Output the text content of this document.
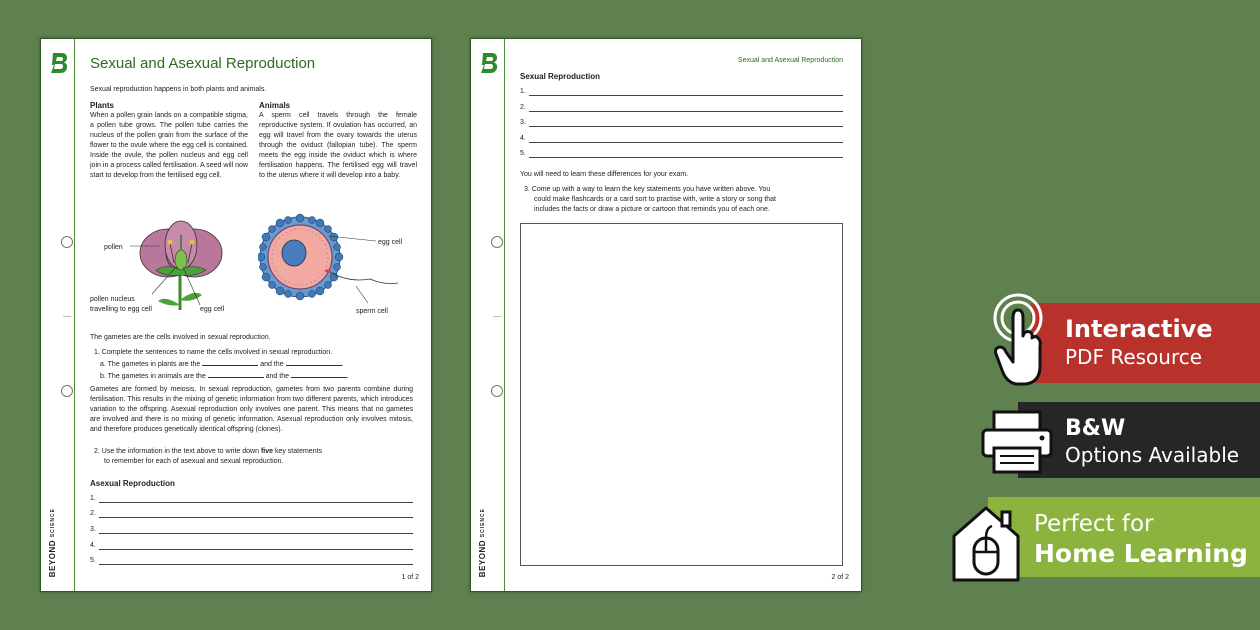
BEYOND SCIENCE
Sexual and Asexual Reproduction

Sexual reproduction happens in both plants and animals.

Plants
When a pollen grain lands on a compatible stigma, a pollen tube grows. The pollen tube carries the nucleus of the pollen grain from the surface of the flower to the ovule where the egg cell is contained. Inside the ovule, the pollen nucleus and egg cell join in a process called fertilisation. A seed will now start to develop from the fertilised egg cell.
Animals
A sperm cell travels through the female reproductive system. If ovulation has occurred, an egg will travel from the ovary towards the uterus through the oviduct (fallopian tube). The sperm meets the egg inside the oviduct which is where fertilisation happens. The fertilised egg will travel to the uterus where it will develop into a baby.
pollen
pollen nucleus
travelling to egg cell	egg cell
egg cell
sperm cell

The gametes are the cells involved in sexual reproduction.

1. Complete the sentences to name the cells involved in sexual reproduction.

a. The gametes in plants are the	and the	.

b. The gametes in animals are the	and the	.

Gametes are formed by meiosis. In sexual reproduction, gametes from two parents combine during fertilisation. This results in the mixing of genetic information from two different parents, which introduces variation to the offspring. Asexual reproduction only involves one parent. This means that no gametes are involved and there is no mixing of genetic information. Asexual reproduction only involves mitosis, and therefore produces genetically identical offspring (clones).

2. Use the information in the text above to write down five key statements

to remember for each of asexual and sexual reproduction.

Asexual Reproduction

1.
2.
3.
4.
5.
1 of 2
BEYOND SCIENCE
Sexual and Asexual Reproduction

Sexual Reproduction

1.
2.
3.
4.
5.

You will need to learn these differences for your exam.

3. Come up with a way to learn the key statements you have written above. You

could make flashcards or a card sort to practise with, write a story or song that

includes the facts or draw a picture or cartoon that reminds you of each one.

2 of 2
Interactive
PDF Resource
B&W
Options Available
Perfect for
Home Learning
